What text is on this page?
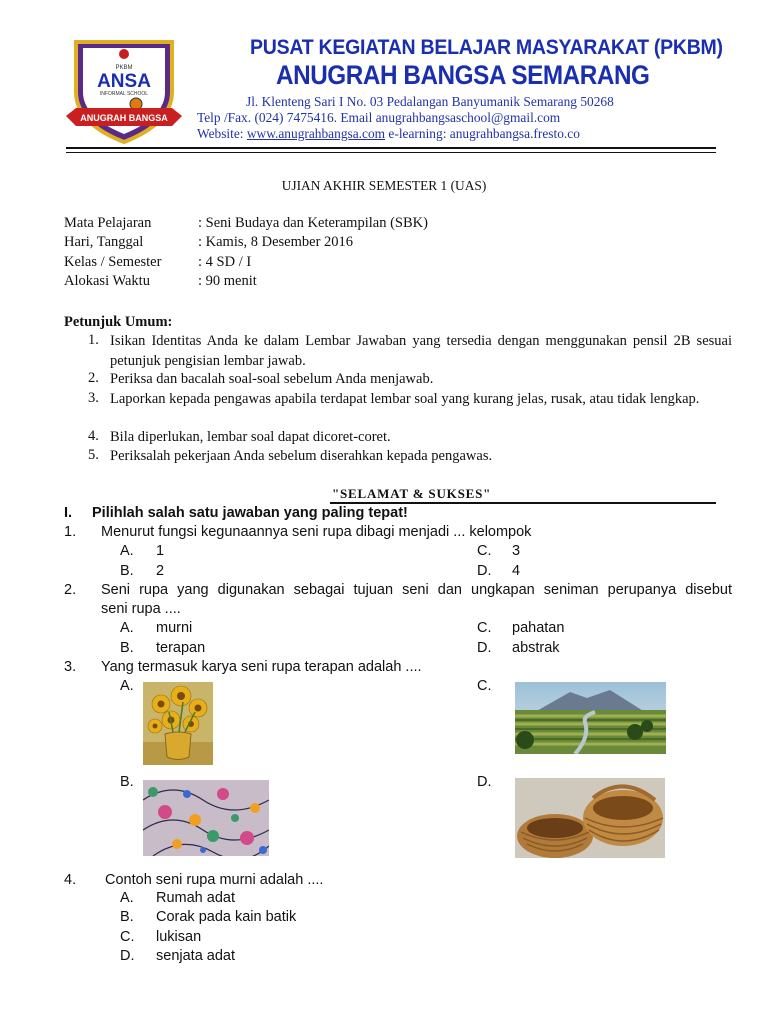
PKBM
ANSA
INFORMAL SCHOOL
ANUGRAH BANGSA
PUSAT KEGIATAN BELAJAR MASYARAKAT (PKBM)
ANUGRAH BANGSA SEMARANG
Jl. Klenteng Sari I No. 03 Pedalangan Banyumanik Semarang 50268
Telp /Fax. (024) 7475416. Email anugrahbangsaschool@gmail.com
Website: www.anugrahbangsa.com e-learning: anugrahbangsa.fresto.co
UJIAN AKHIR SEMESTER 1 (UAS)
Mata Pelajaran	: Seni Budaya dan Keterampilan (SBK)
Hari, Tanggal	: Kamis, 8 Desember 2016
Kelas / Semester	: 4 SD / I
Alokasi Waktu	: 90 menit
Petunjuk Umum:
1. Isikan Identitas Anda ke dalam Lembar Jawaban yang tersedia dengan menggunakan pensil 2B sesuai petunjuk pengisian lembar jawab.
2. Periksa dan bacalah soal-soal sebelum Anda menjawab.
3. Laporkan kepada pengawas apabila terdapat lembar soal yang kurang jelas, rusak, atau tidak lengkap.
4. Bila diperlukan, lembar soal dapat dicoret-coret.
5. Periksalah pekerjaan Anda sebelum diserahkan kepada pengawas.
"SELAMAT & SUKSES"
I. Pilihlah salah satu jawaban yang paling tepat!
1. Menurut fungsi kegunaannya seni rupa dibagi menjadi ... kelompok
A. 1	C. 3
B. 2	D. 4
2. Seni rupa yang digunakan sebagai tujuan seni dan ungkapan seniman perupanya disebut
seni rupa ....
A. murni	C. pahatan
B. terapan	D. abstrak
3. Yang termasuk karya seni rupa terapan adalah ....
A.	C.
B.	D.
4. Contoh seni rupa murni adalah ....
A. Rumah adat
B. Corak pada kain batik
C. lukisan
D. senjata adat
